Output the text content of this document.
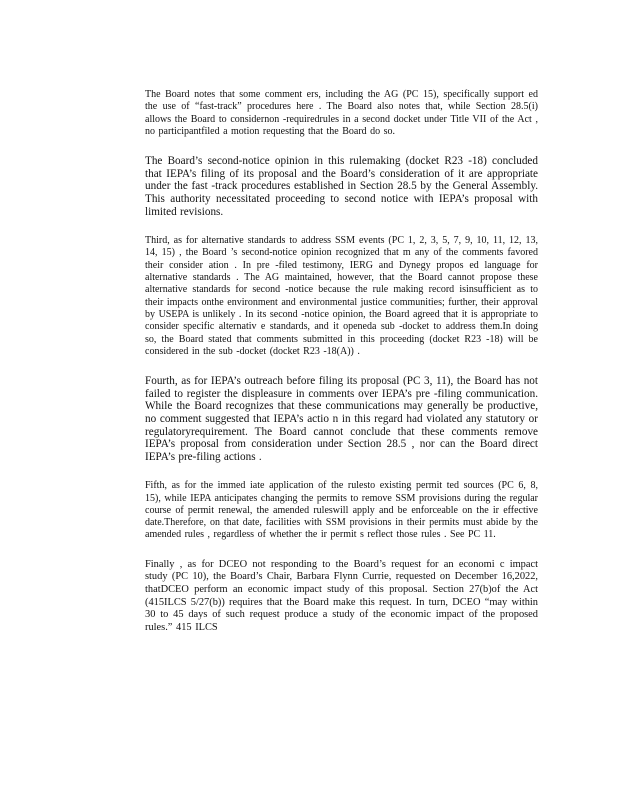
The Board notes that some comment ers, including the AG (PC 15), specifically support ed the use of “fast-track” procedures here . The Board also notes that, while Section 28.5(i) allows the Board to considernon -requiredrules in a second docket under Title VII of the Act , no participantfiled a motion requesting that the Board do so.

The Board’s second-notice opinion in this rulemaking (docket R23 -18) concluded that IEPA’s filing of its proposal and the Board’s consideration of it are appropriate under the fast -track procedures established in Section 28.5 by the General Assembly. This authority necessitated proceeding to second notice with IEPA’s proposal with limited revisions.

Third, as for alternative standards to address SSM events (PC 1, 2, 3, 5, 7, 9, 10, 11, 12, 13, 14, 15) , the Board ’s second-notice opinion recognized that m any of the comments favored their consider ation . In pre -filed testimony, IERG and Dynegy propos ed language for alternative standards . The AG maintained, however, that the Board cannot propose these alternative standards for second -notice because the rule making record isinsufficient as to their impacts onthe environment and environmental justice communities; further, their approval by USEPA is unlikely . In its second -notice opinion, the Board agreed that it is appropriate to consider specific alternativ e standards, and it openeda sub -docket to address them.In doing so, the Board stated that comments submitted in this proceeding (docket R23 -18) will be considered in the sub -docket (docket R23 -18(A)) .

Fourth, as for IEPA’s outreach before filing its proposal (PC 3, 11), the Board has not failed to register the displeasure in comments over IEPA’s pre -filing communication. While the Board recognizes that these communications may generally be productive, no comment suggested that IEPA’s actio n in this regard had violated any statutory or regulatoryrequirement. The Board cannot conclude that these comments remove IEPA’s proposal from consideration under Section 28.5 , nor can the Board direct IEPA’s pre-filing actions .

Fifth, as for the immed iate application of the rulesto existing permit ted sources (PC 6, 8, 15), while IEPA anticipates changing the permits to remove SSM provisions during the regular course of permit renewal, the amended ruleswill apply and be enforceable on the ir effective date.Therefore, on that date, facilities with SSM provisions in their permits must abide by the amended rules , regardless of whether the ir permit s reflect those rules . See PC 11.

Finally , as for DCEO not responding to the Board’s request for an economi c impact study (PC 10), the Board’s Chair, Barbara Flynn Currie, requested on December 16,2022, thatDCEO perform an economic impact study of this proposal. Section 27(b)of the Act (415ILCS 5/27(b)) requires that the Board make this request. In turn, DCEO “may within 30 to 45 days of such request produce a study of the economic impact of the proposed rules.” 415 ILCS
